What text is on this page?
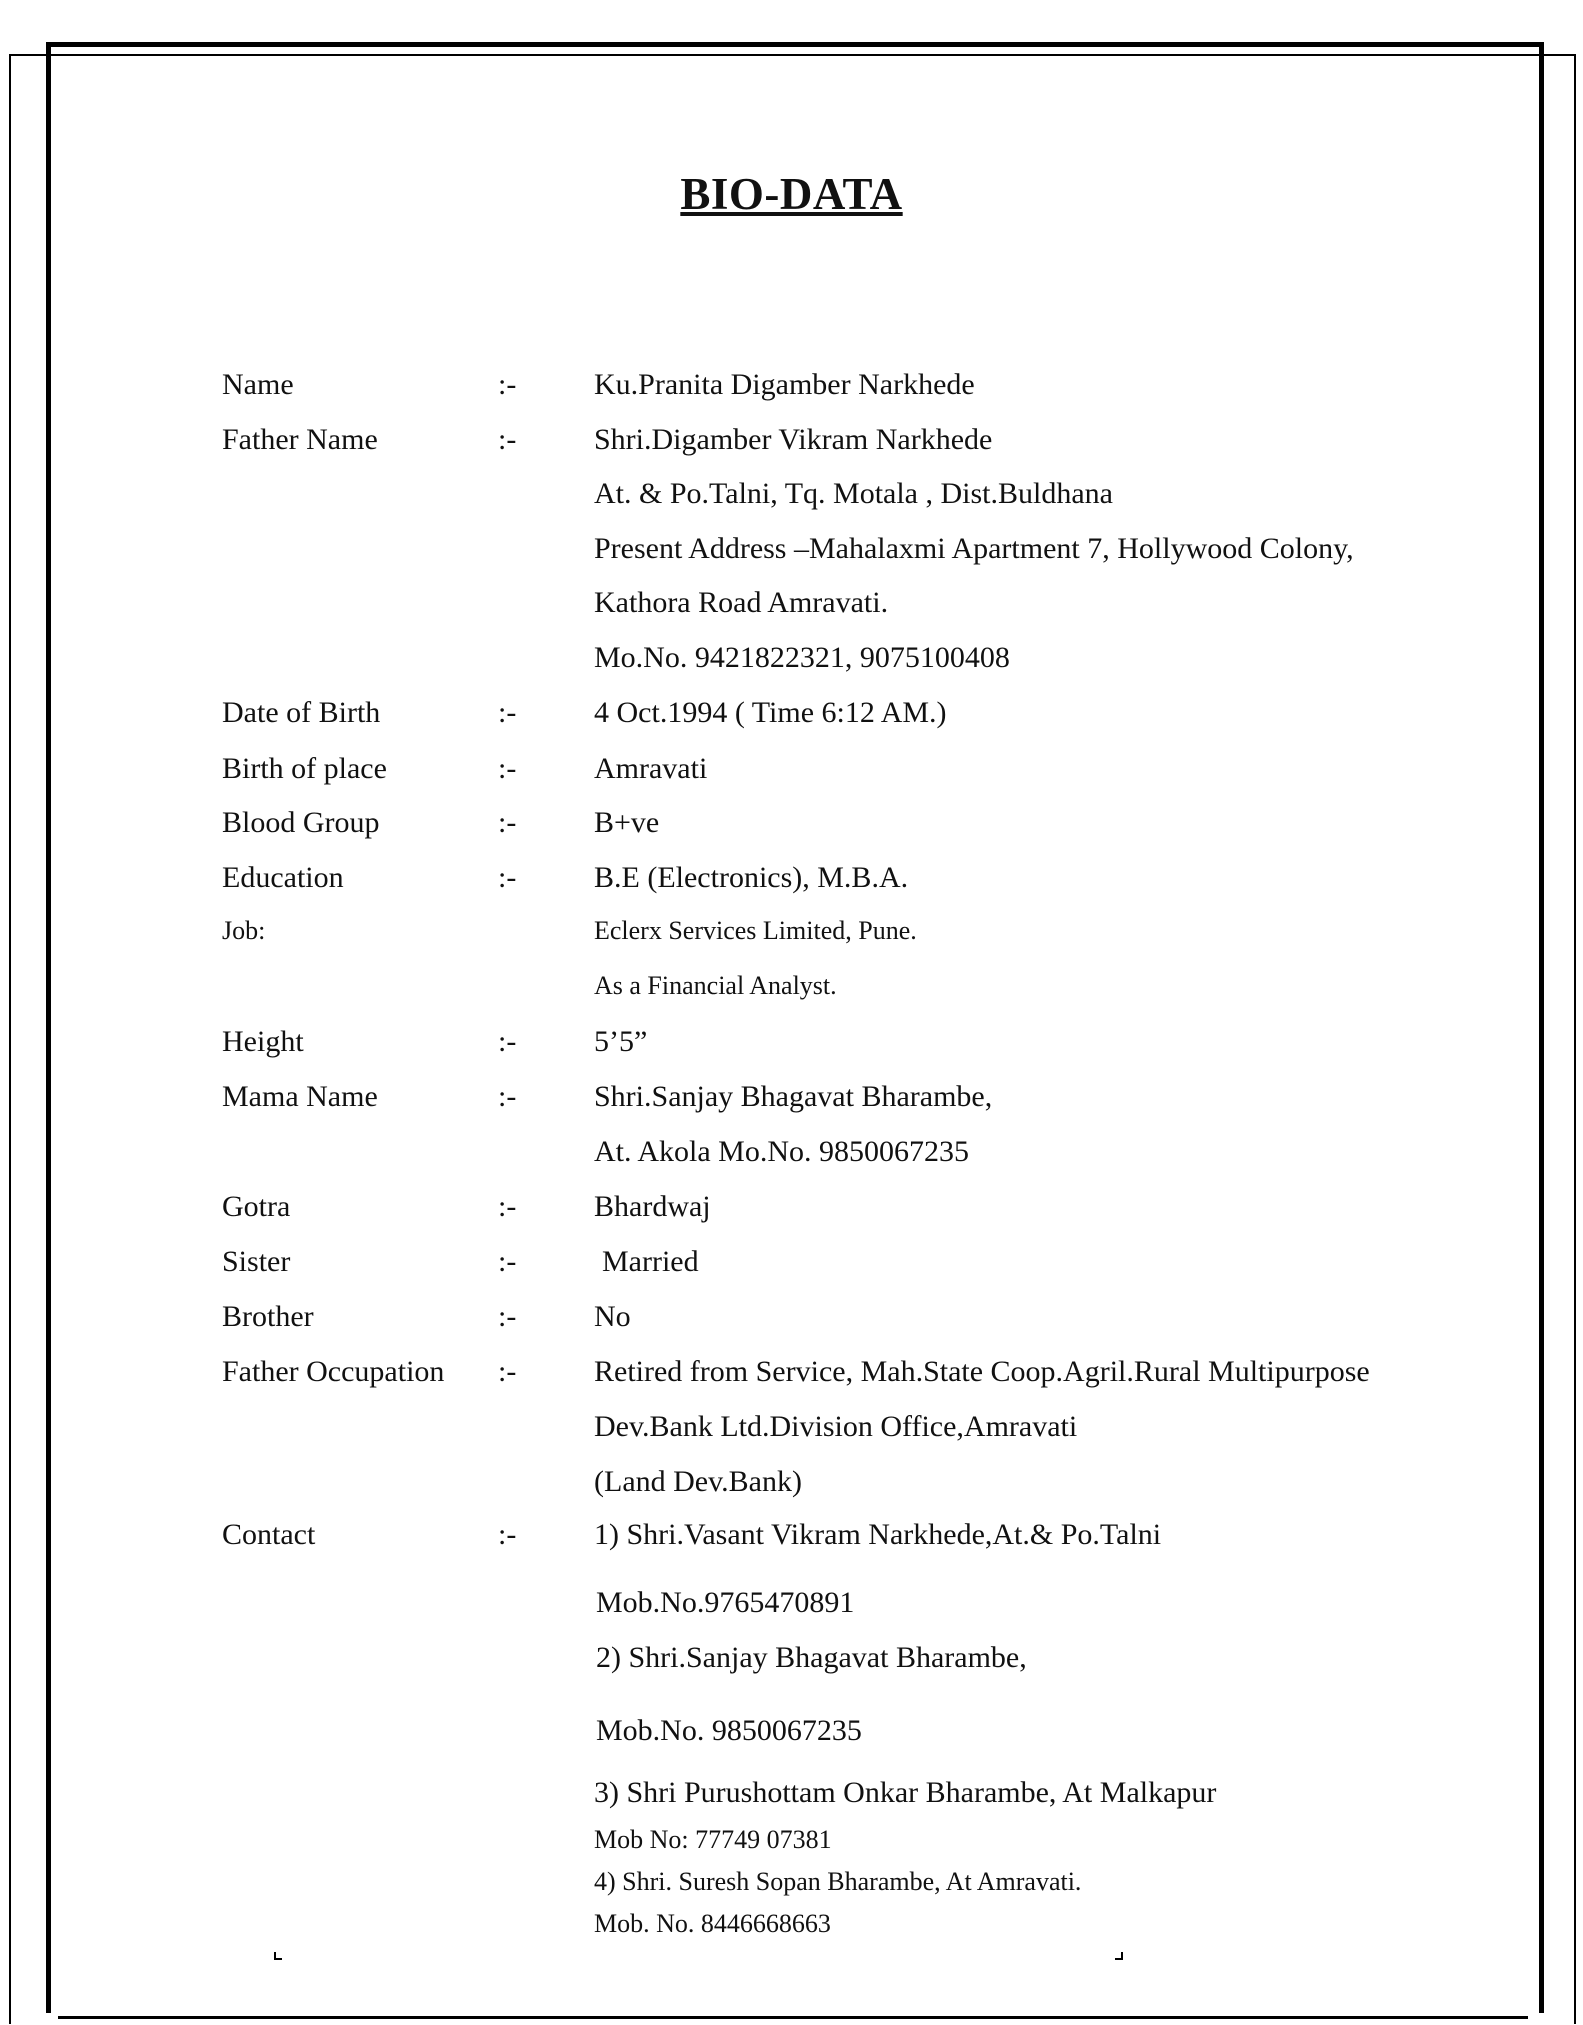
BIO-DATA
Name	:-	Ku.Pranita Digamber Narkhede
Father Name	:-	Shri.Digamber Vikram Narkhede
At. & Po.Talni, Tq. Motala , Dist.Buldhana
Present Address –Mahalaxmi Apartment 7, Hollywood Colony,
Kathora Road Amravati.
Mo.No. 9421822321, 9075100408
Date of Birth	:-	4 Oct.1994 ( Time 6:12 AM.)
Birth of place	:-	Amravati
Blood Group	:-	B+ve
Education	:-	B.E (Electronics), M.B.A.
Job:	Eclerx Services Limited, Pune.
As a Financial Analyst.
Height	:-	5’5”
Mama Name	:-	Shri.Sanjay Bhagavat Bharambe,
At. Akola Mo.No. 9850067235
Gotra	:-	Bhardwaj
Sister	:-	Married
Brother	:-	No
Father Occupation :-	Retired from Service, Mah.State Coop.Agril.Rural Multipurpose
Dev.Bank Ltd.Division Office,Amravati
(Land Dev.Bank)
Contact	:-	1) Shri.Vasant Vikram Narkhede,At.& Po.Talni
Mob.No.9765470891
2) Shri.Sanjay Bhagavat Bharambe,
Mob.No. 9850067235
3) Shri Purushottam Onkar Bharambe, At Malkapur
Mob No: 77749 07381
4) Shri. Suresh Sopan Bharambe, At Amravati.
Mob. No. 8446668663
